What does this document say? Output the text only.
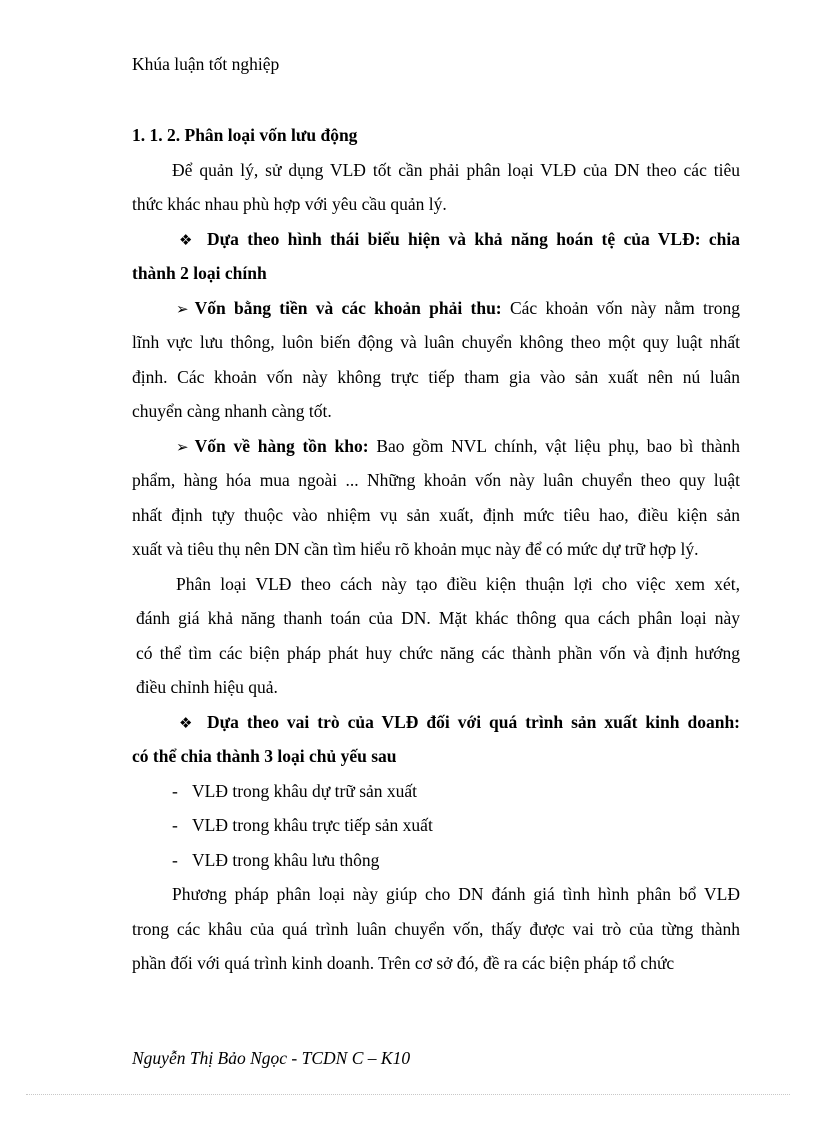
Khúa luận tốt nghiệp
1. 1. 2. Phân loại vốn lưu động
Để quản lý, sử dụng VLĐ tốt cần phải phân loại VLĐ của DN theo các tiêu
thức khác nhau phù hợp với yêu cầu quản lý.
❖ Dựa theo hình thái biểu hiện và khả năng hoán tệ của VLĐ: chia
thành 2 loại chính
➢ Vốn bằng tiền và các khoản phải thu: Các khoản vốn này nằm trong
lĩnh vực lưu thông, luôn biến động và luân chuyển không theo một quy luật nhất
định. Các khoản vốn này không trực tiếp tham gia vào sản xuất nên nú luân
chuyển càng nhanh càng tốt.
➢ Vốn về hàng tồn kho: Bao gồm NVL chính, vật liệu phụ, bao bì thành
phẩm, hàng hóa mua ngoài ... Những khoản vốn này luân chuyển theo quy luật
nhất định tựy thuộc vào nhiệm vụ sản xuất, định mức tiêu hao, điều kiện sản
xuất và tiêu thụ nên DN cần tìm hiểu rõ khoản mục này để có mức dự trữ hợp lý.
Phân loại VLĐ theo cách này tạo điều kiện thuận lợi cho việc xem xét,
đánh giá khả năng thanh toán của DN. Mặt khác thông qua cách phân loại này
có thể tìm các biện pháp phát huy chức năng các thành phần vốn và định hướng
điều chỉnh hiệu quả.
❖ Dựa theo vai trò của VLĐ đối với quá trình sản xuất kinh doanh:
có thể chia thành 3 loại chủ yếu sau
- VLĐ trong khâu dự trữ sản xuất
- VLĐ trong khâu trực tiếp sản xuất
- VLĐ trong khâu lưu thông
Phương pháp phân loại này giúp cho DN đánh giá tình hình phân bổ VLĐ
trong các khâu của quá trình luân chuyển vốn, thấy được vai trò của từng thành
phần đối với quá trình kinh doanh. Trên cơ sở đó, đề ra các biện pháp tổ chức
Nguyễn Thị Bảo Ngọc - TCDN C – K10
